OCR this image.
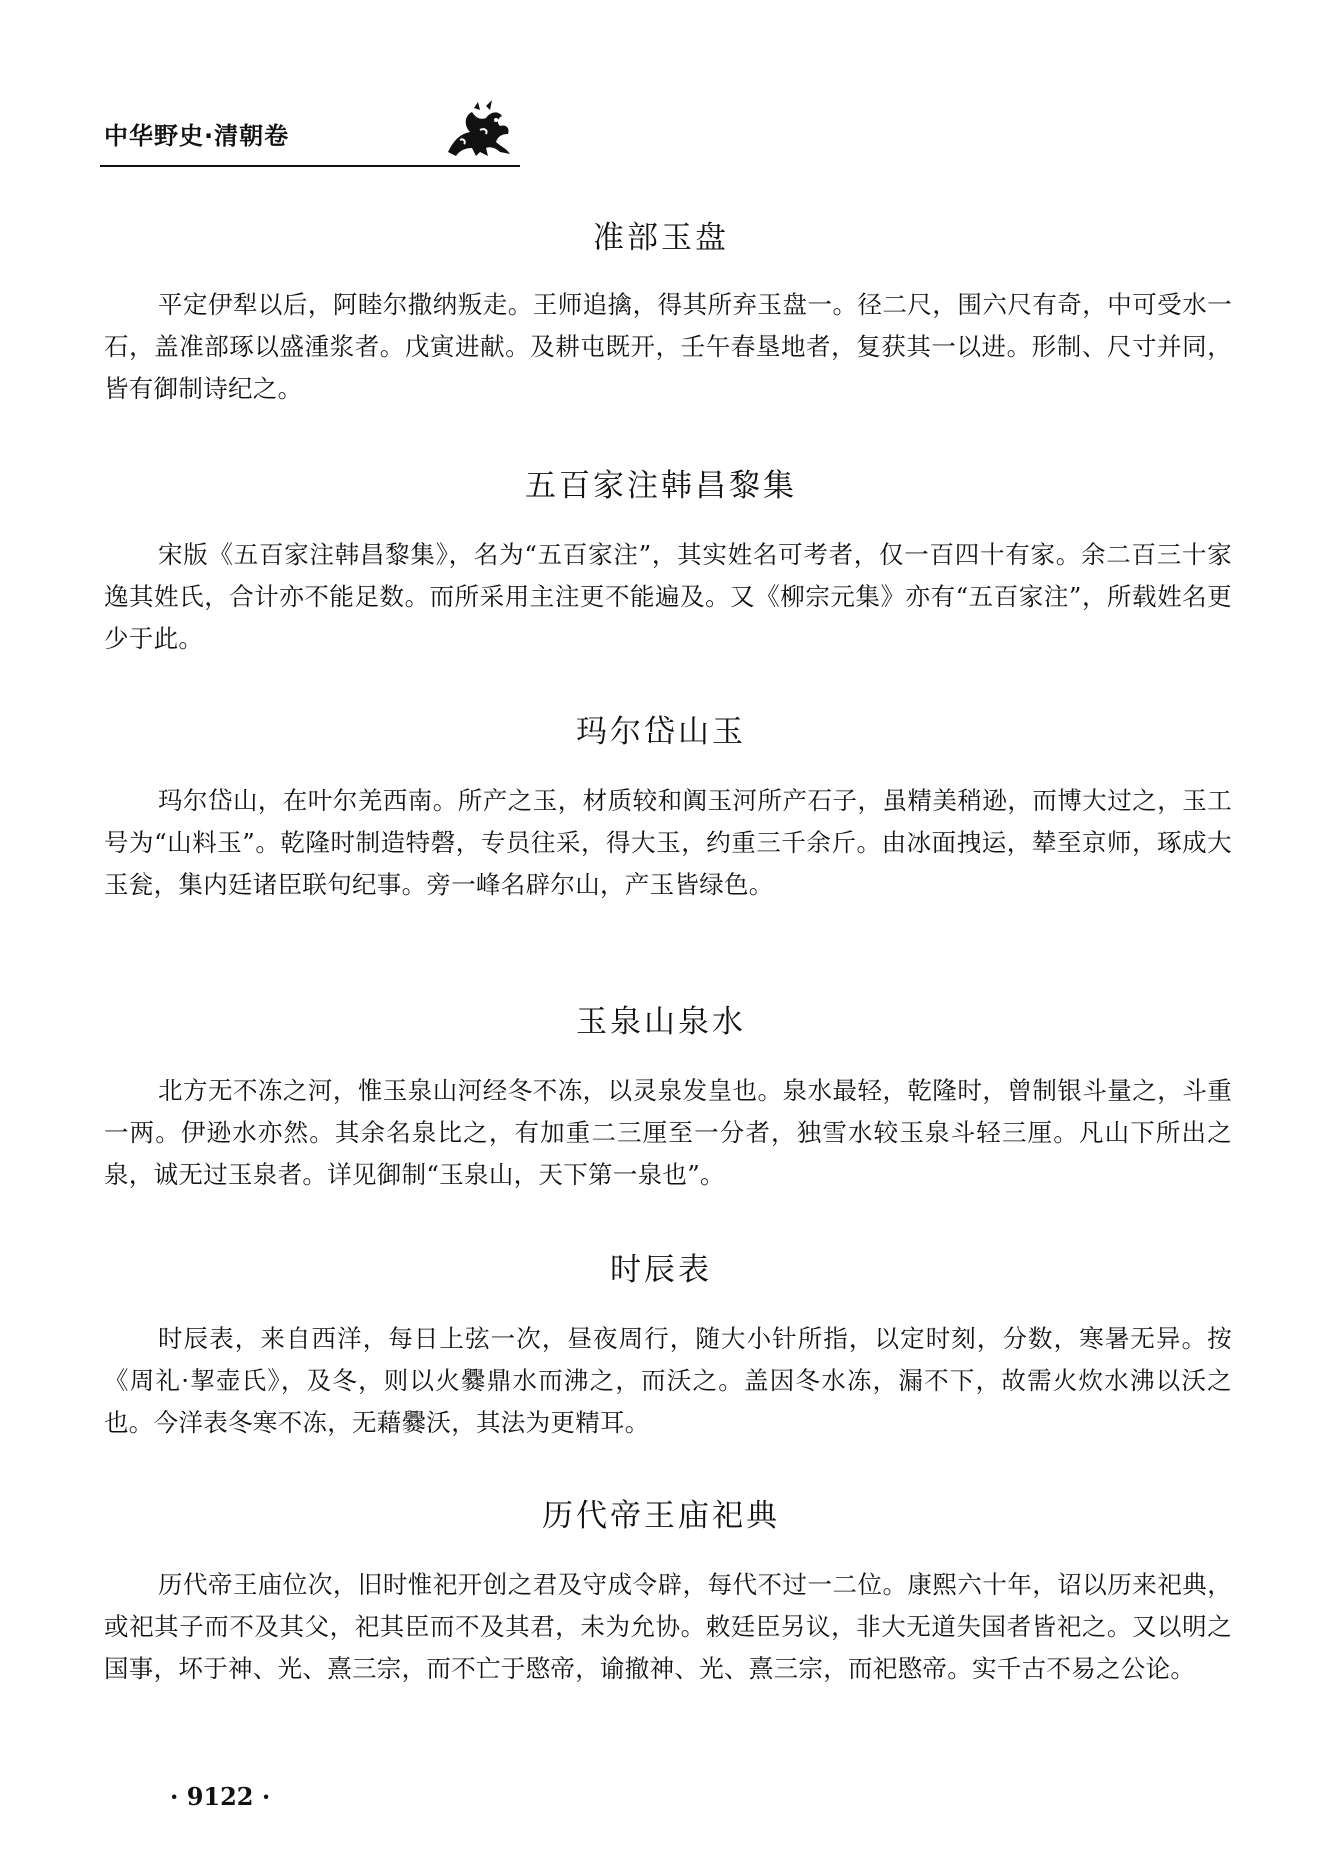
中华野史·清朝卷
准部玉盘
平定伊犁以后，阿睦尔撒纳叛走。王师追擒，得其所弃玉盘一。径二尺，围六尺有奇，中可受水一石，盖准部琢以盛湩浆者。戊寅进献。及耕屯既开，壬午春垦地者，复获其一以进。形制、尺寸并同，皆有御制诗纪之。
五百家注韩昌黎集
宋版《五百家注韩昌黎集》，名为“五百家注”，其实姓名可考者，仅一百四十有家。余二百三十家逸其姓氏，合计亦不能足数。而所采用主注更不能遍及。又《柳宗元集》亦有“五百家注”，所载姓名更少于此。
玛尔岱山玉
玛尔岱山，在叶尔羌西南。所产之玉，材质较和阗玉河所产石子，虽精美稍逊，而博大过之，玉工号为“山料玉”。乾隆时制造特磬，专员往采，得大玉，约重三千余斤。由冰面拽运，辇至京师，琢成大玉瓮，集内廷诸臣联句纪事。旁一峰名辟尔山，产玉皆绿色。
玉泉山泉水
北方无不冻之河，惟玉泉山河经冬不冻，以灵泉发皇也。泉水最轻，乾隆时，曾制银斗量之，斗重一两。伊逊水亦然。其余名泉比之，有加重二三厘至一分者，独雪水较玉泉斗轻三厘。凡山下所出之泉，诚无过玉泉者。详见御制“玉泉山，天下第一泉也”。
时辰表
时辰表，来自西洋，每日上弦一次，昼夜周行，随大小针所指，以定时刻，分数，寒暑无异。按《周礼·挈壶氏》，及冬，则以火爨鼎水而沸之，而沃之。盖因冬水冻，漏不下，故需火炊水沸以沃之也。今洋表冬寒不冻，无藉爨沃，其法为更精耳。
历代帝王庙祀典
历代帝王庙位次，旧时惟祀开创之君及守成令辟，每代不过一二位。康熙六十年，诏以历来祀典，或祀其子而不及其父，祀其臣而不及其君，未为允协。敕廷臣另议，非大无道失国者皆祀之。又以明之国事，坏于神、光、熹三宗，而不亡于愍帝，谕撤神、光、熹三宗，而祀愍帝。实千古不易之公论。
· 9122 ·
